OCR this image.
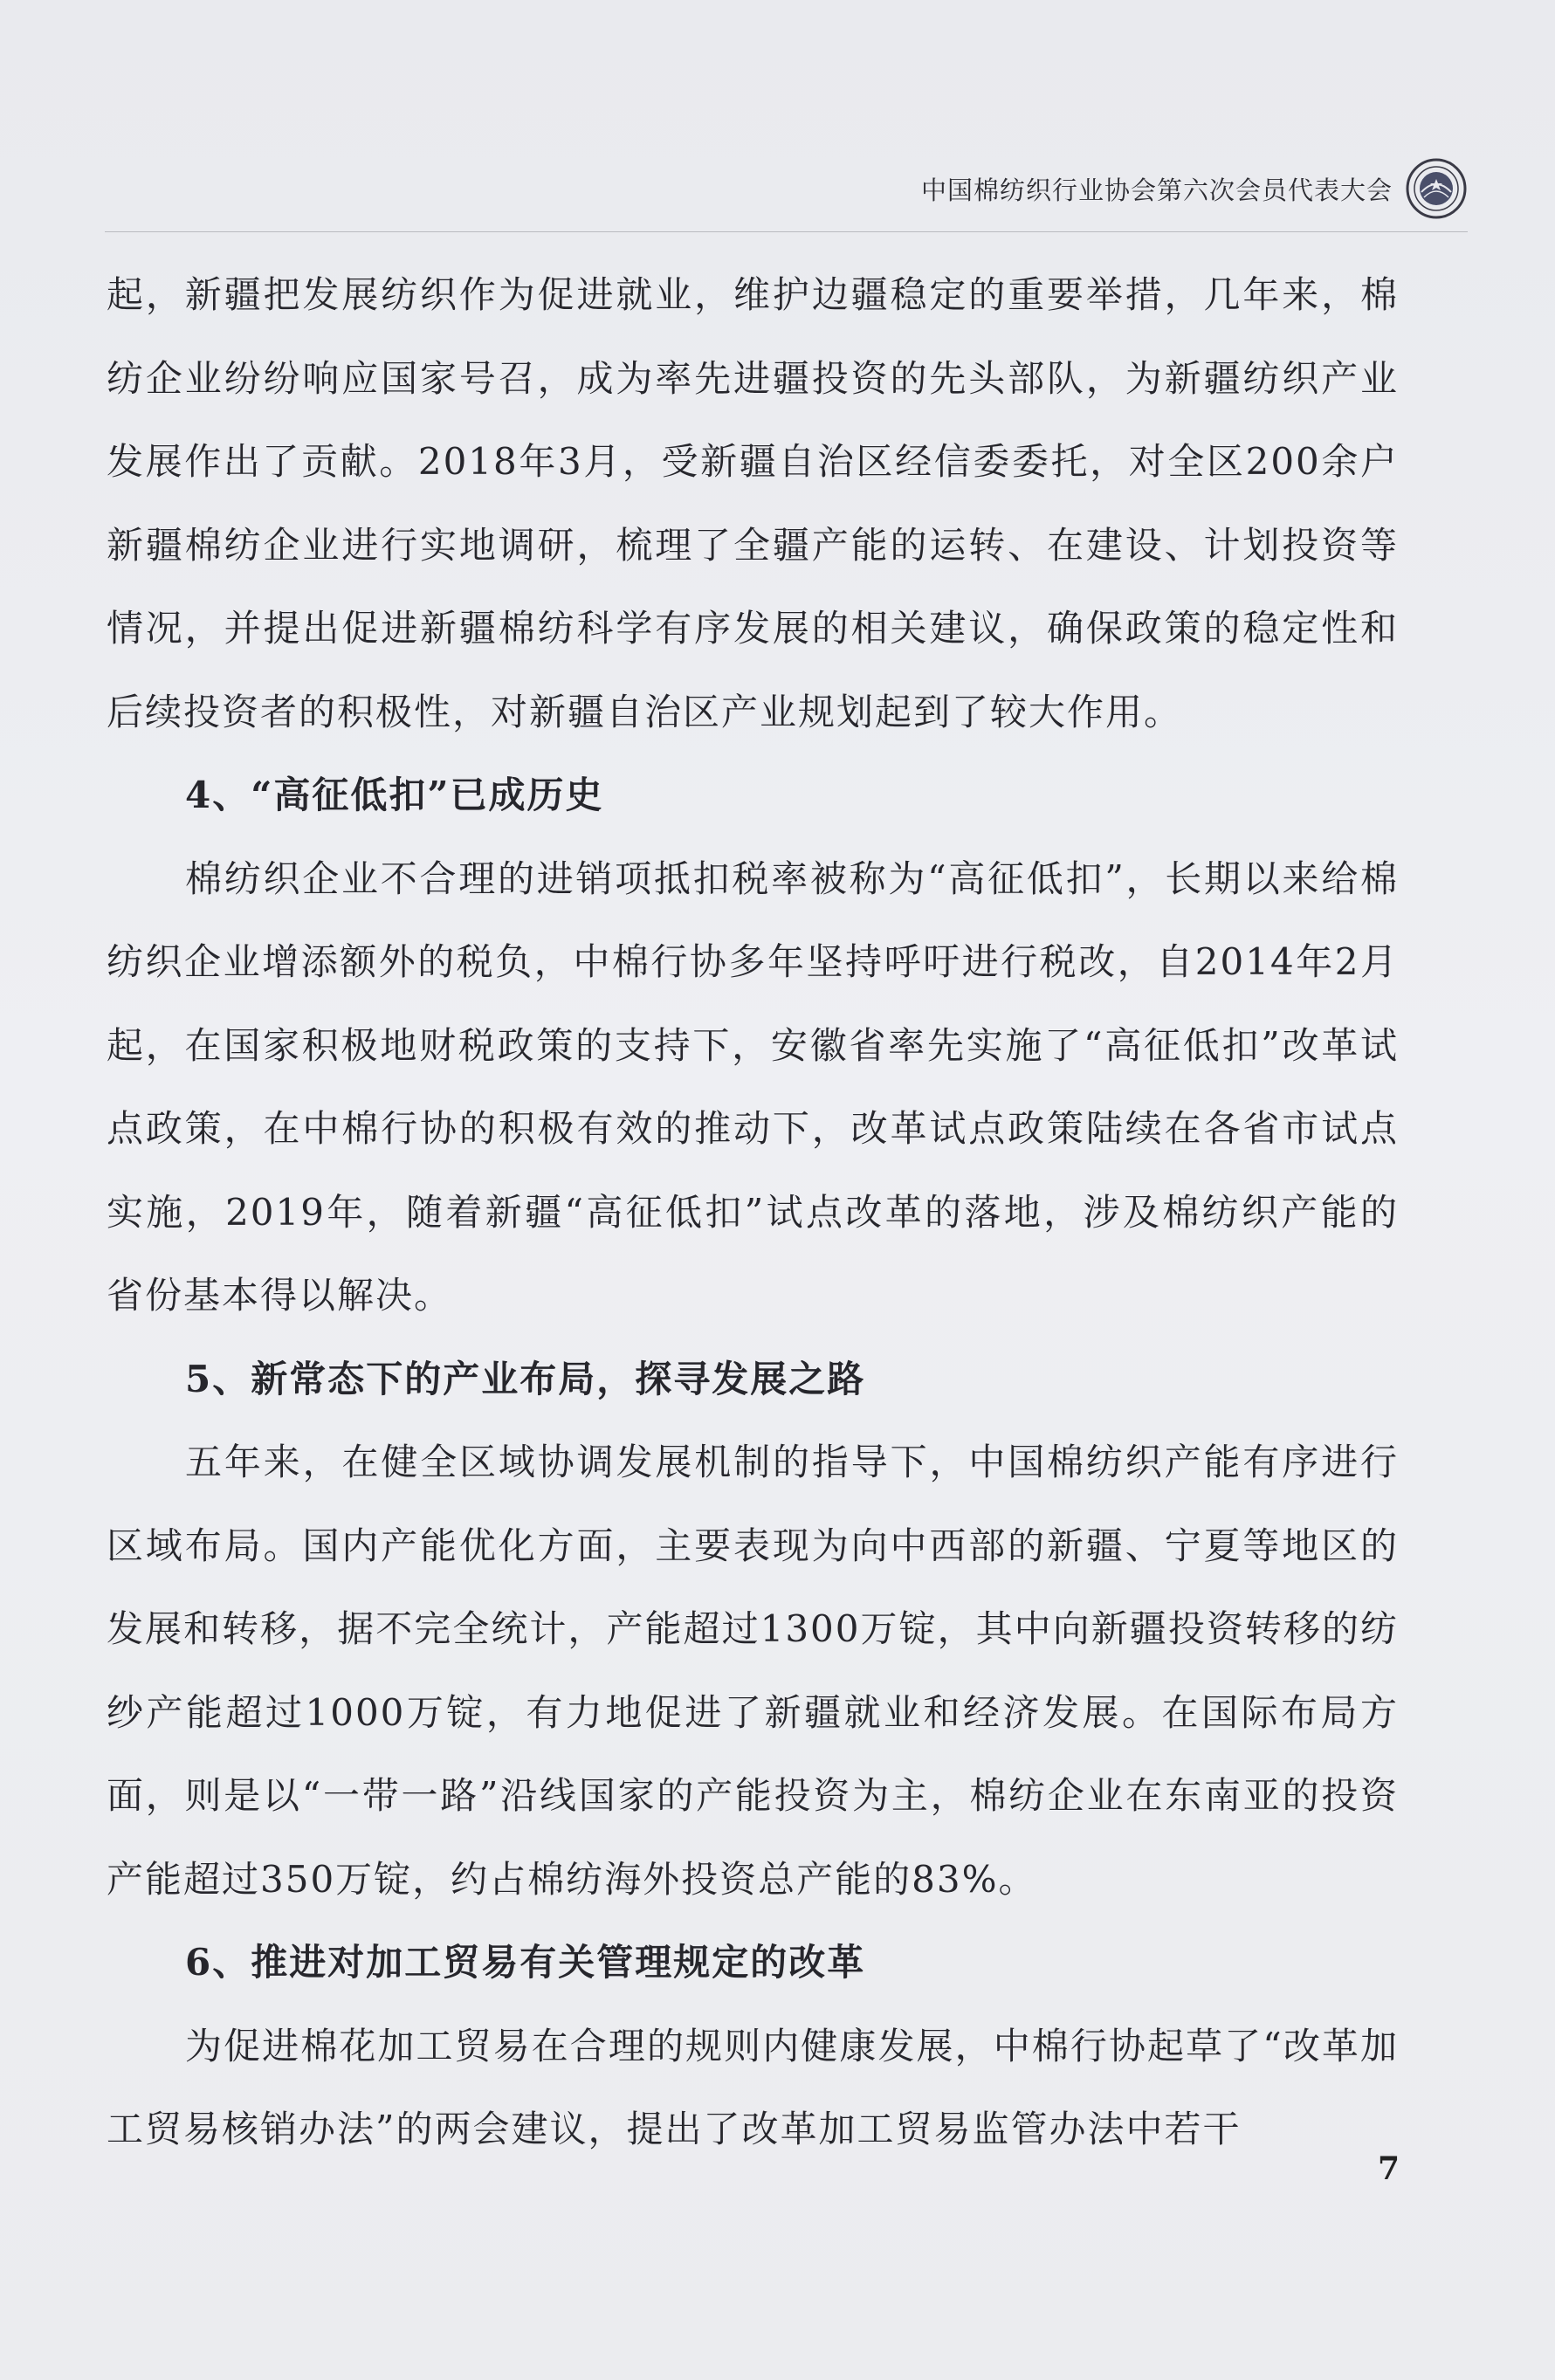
中国棉纺织行业协会第六次会员代表大会

起，新疆把发展纺织作为促进就业，维护边疆稳定的重要举措，几年来，棉纺企业纷纷响应国家号召，成为率先进疆投资的先头部队，为新疆纺织产业发展作出了贡献。2018年3月，受新疆自治区经信委委托，对全区200余户新疆棉纺企业进行实地调研，梳理了全疆产能的运转、在建设、计划投资等情况，并提出促进新疆棉纺科学有序发展的相关建议，确保政策的稳定性和后续投资者的积极性，对新疆自治区产业规划起到了较大作用。

4、“高征低扣”已成历史

棉纺织企业不合理的进销项抵扣税率被称为“高征低扣”，长期以来给棉纺织企业增添额外的税负，中棉行协多年坚持呼吁进行税改，自2014年2月起，在国家积极地财税政策的支持下，安徽省率先实施了“高征低扣”改革试点政策，在中棉行协的积极有效的推动下，改革试点政策陆续在各省市试点实施，2019年，随着新疆“高征低扣”试点改革的落地，涉及棉纺织产能的省份基本得以解决。

5、新常态下的产业布局，探寻发展之路

五年来，在健全区域协调发展机制的指导下，中国棉纺织产能有序进行区域布局。国内产能优化方面，主要表现为向中西部的新疆、宁夏等地区的发展和转移，据不完全统计，产能超过1300万锭，其中向新疆投资转移的纺纱产能超过1000万锭，有力地促进了新疆就业和经济发展。在国际布局方面，则是以“一带一路”沿线国家的产能投资为主，棉纺企业在东南亚的投资产能超过350万锭，约占棉纺海外投资总产能的83%。

6、推进对加工贸易有关管理规定的改革

为促进棉花加工贸易在合理的规则内健康发展，中棉行协起草了“改革加工贸易核销办法”的两会建议，提出了改革加工贸易监管办法中若干

7
